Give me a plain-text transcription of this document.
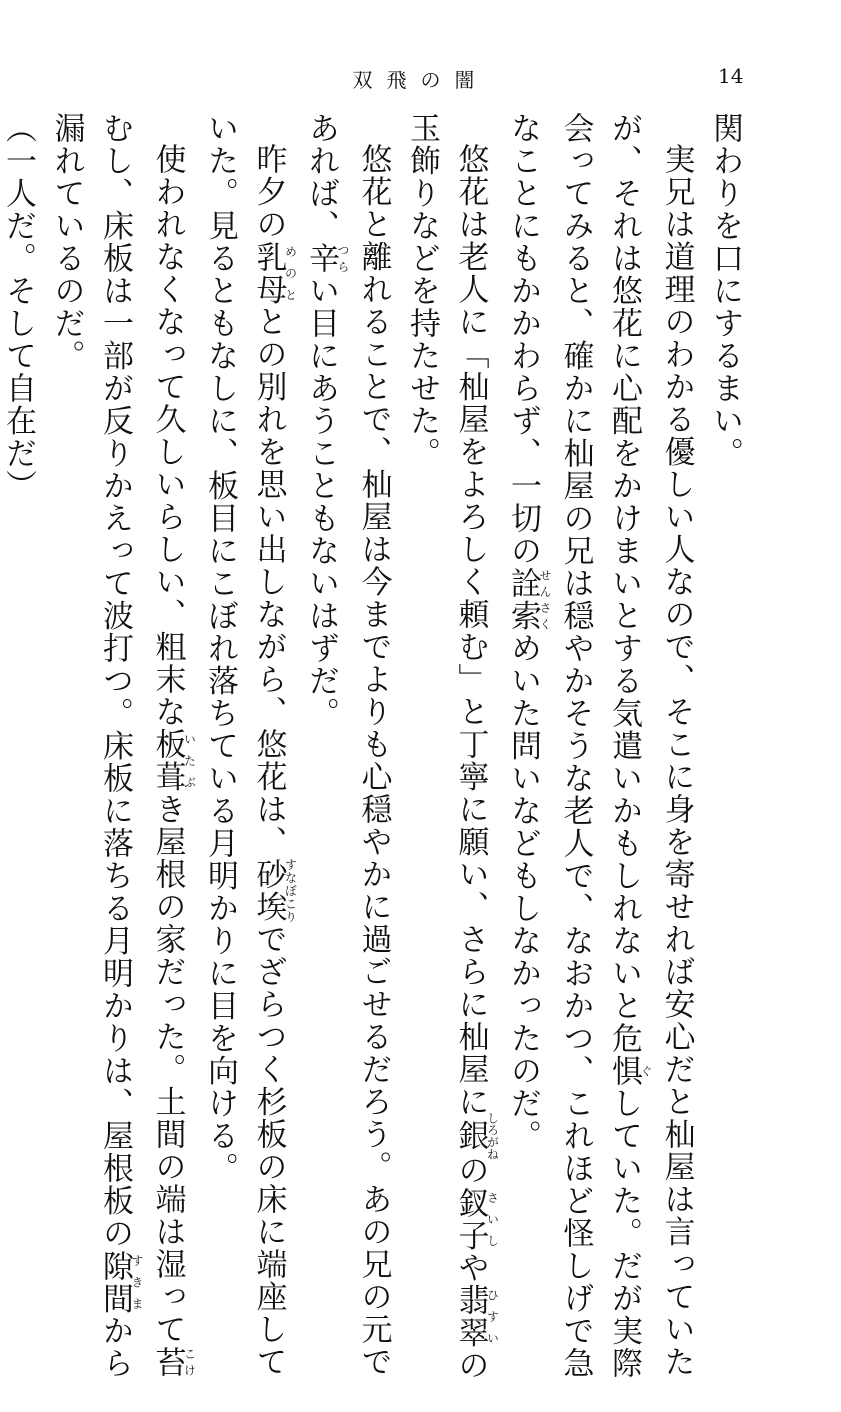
双飛の闇	14

関わりを口にするまい。

実兄は道理のわかる優しい人なので、そこに身を寄せれば安心だと杣屋は言っていた

が、それは悠花に心配をかけまいとする気遣いかもしれないと危惧ぐしていた。だが実際

会ってみると、確かに杣屋の兄は穏やかそうな老人で、なおかつ、これほど怪しげで急

なことにもかかわらず、一切の詮索せんさくめいた問いなどもしなかったのだ。

悠花は老人に「杣屋をよろしく頼む」と丁寧に願い、さらに杣屋に銀しろがねの釵子さいしや翡翠ひすいの

玉飾りなどを持たせた。

悠花と離れることで、杣屋は今までよりも心穏やかに過ごせるだろう。あの兄の元で

あれば、辛つらい目にあうこともないはずだ。

昨夕の乳母めのととの別れを思い出しながら、悠花は、砂埃すなぼこりでざらつく杉板の床に端座して

いた。見るともなしに、板目にこぼれ落ちている月明かりに目を向ける。

使われなくなって久しいらしい、粗末な板葺いたぶき屋根の家だった。土間の端は湿って苔こけ

むし、床板は一部が反りかえって波打つ。床板に落ちる月明かりは、屋根板の隙間すきまから

漏れているのだ。

（一人だ。そして自在だ）
